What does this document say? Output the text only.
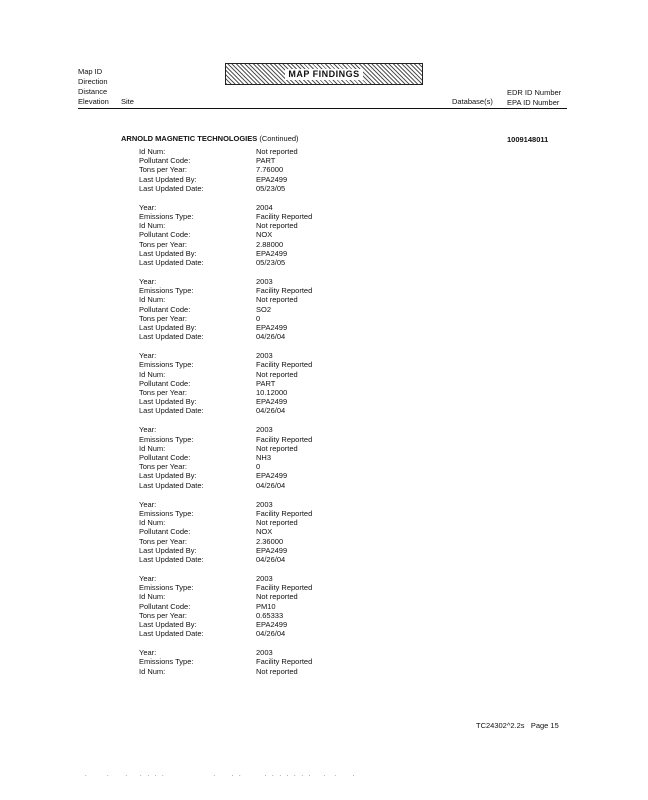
MAP FINDINGS
Map ID
Direction
Distance
Elevation Site	Database(s)
EDR ID Number
EPA ID Number
ARNOLD MAGNETIC TECHNOLOGIES (Continued)	1009148011
Id Num:	Not reported
Pollutant Code:	PART
Tons per Year:	7.76000
Last Updated By:	EPA2499
Last Updated Date:	05/23/05
Year:	2004
Emissions Type:	Facility Reported
Id Num:	Not reported
Pollutant Code:	NOX
Tons per Year:	2.88000
Last Updated By:	EPA2499
Last Updated Date:	05/23/05
Year:	2003
Emissions Type:	Facility Reported
Id Num:	Not reported
Pollutant Code:	SO2
Tons per Year:	0
Last Updated By:	EPA2499
Last Updated Date:	04/26/04
Year:	2003
Emissions Type:	Facility Reported
Id Num:	Not reported
Pollutant Code:	PART
Tons per Year:	10.12000
Last Updated By:	EPA2499
Last Updated Date:	04/26/04
Year:	2003
Emissions Type:	Facility Reported
Id Num:	Not reported
Pollutant Code:	NH3
Tons per Year:	0
Last Updated By:	EPA2499
Last Updated Date:	04/26/04
Year:	2003
Emissions Type:	Facility Reported
Id Num:	Not reported
Pollutant Code:	NOX
Tons per Year:	2.36000
Last Updated By:	EPA2499
Last Updated Date:	04/26/04
Year:	2003
Emissions Type:	Facility Reported
Id Num:	Not reported
Pollutant Code:	PM10
Tons per Year:	0.65333
Last Updated By:	EPA2499
Last Updated Date:	04/26/04
Year:	2003
Emissions Type:	Facility Reported
Id Num:	Not reported
TC24302^2.2s Page 15
.     .    .   . . . .             .    . .      . . . . . . .   .  .    .
